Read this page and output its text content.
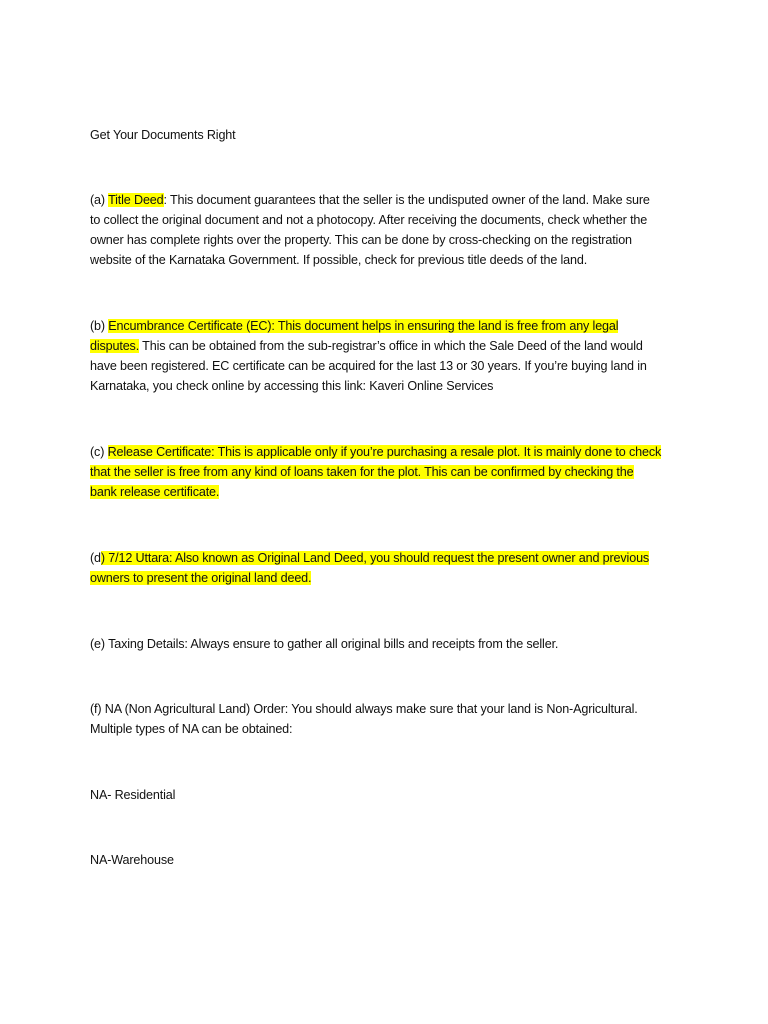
Get Your Documents Right
(a) Title Deed: This document guarantees that the seller is the undisputed owner of the land. Make sure
to collect the original document and not a photocopy. After receiving the documents, check whether the
owner has complete rights over the property. This can be done by cross-checking on the registration
website of the Karnataka Government. If possible, check for previous title deeds of the land.
(b) Encumbrance Certificate (EC): This document helps in ensuring the land is free from any legal
disputes. This can be obtained from the sub-registrar’s office in which the Sale Deed of the land would
have been registered. EC certificate can be acquired for the last 13 or 30 years. If you’re buying land in
Karnataka, you check online by accessing this link: Kaveri Online Services
(c) Release Certificate: This is applicable only if you’re purchasing a resale plot. It is mainly done to check
that the seller is free from any kind of loans taken for the plot. This can be confirmed by checking the
bank release certificate.
(d) 7/12 Uttara: Also known as Original Land Deed, you should request the present owner and previous
owners to present the original land deed.
(e) Taxing Details: Always ensure to gather all original bills and receipts from the seller.
(f) NA (Non Agricultural Land) Order: You should always make sure that your land is Non-Agricultural.
Multiple types of NA can be obtained:
NA- Residential
NA-Warehouse
